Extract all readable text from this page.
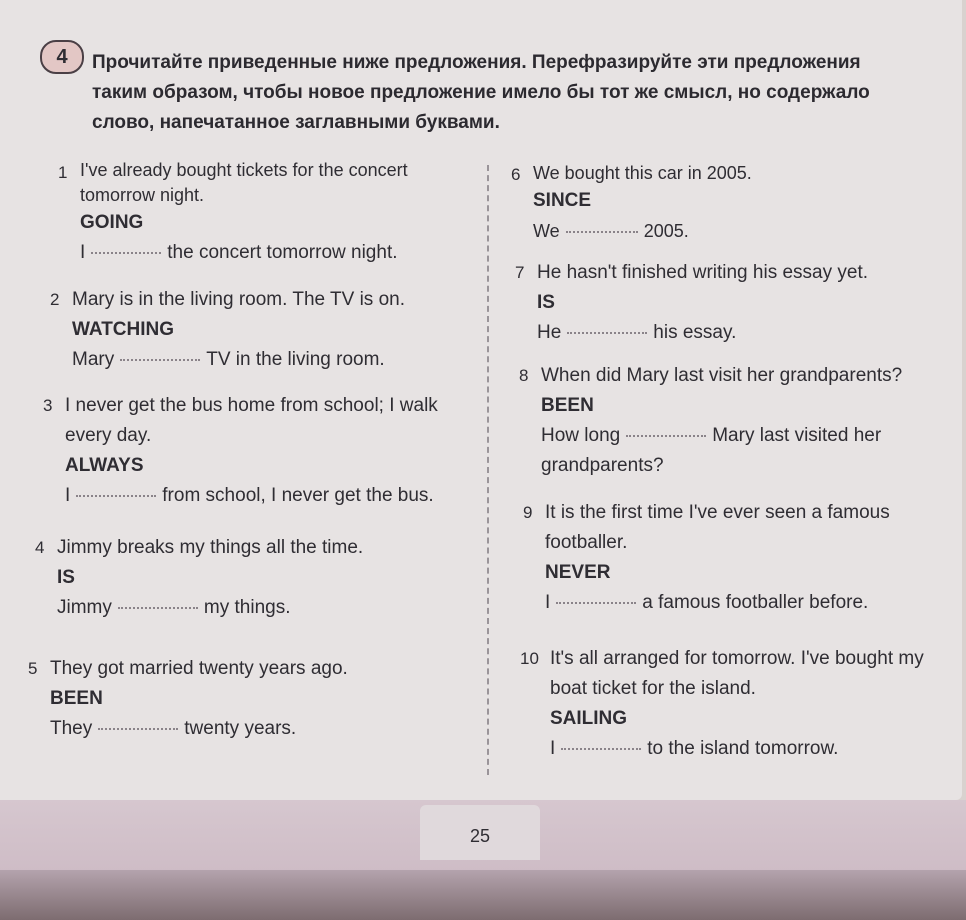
4 Прочитайте приведенные ниже предложения. Перефразируйте эти предложения таким образом, чтобы новое предложение имело бы тот же смысл, но содержало слово, напечатанное заглавными буквами.
1 I've already bought tickets for the concert tomorrow night.
GOING
I	the concert tomorrow night.
2 Mary is in the living room. The TV is on.
WATCHING
Mary	TV in the living room.
3 I never get the bus home from school; I walk every day.
ALWAYS
I	from school, I never get the bus.
4 Jimmy breaks my things all the time.
IS
Jimmy	my things.
5 They got married twenty years ago.
BEEN
They	twenty years.
6 We bought this car in 2005.
SINCE
We	2005.
7 He hasn't finished writing his essay yet.
IS
He	his essay.
8 When did Mary last visit her grandparents?
BEEN
How long	Mary last visited her grandparents?
9 It is the first time I've ever seen a famous footballer.
NEVER
I	a famous footballer before.
10 It's all arranged for tomorrow. I've bought my boat ticket for the island.
SAILING
I	to the island tomorrow.
25
